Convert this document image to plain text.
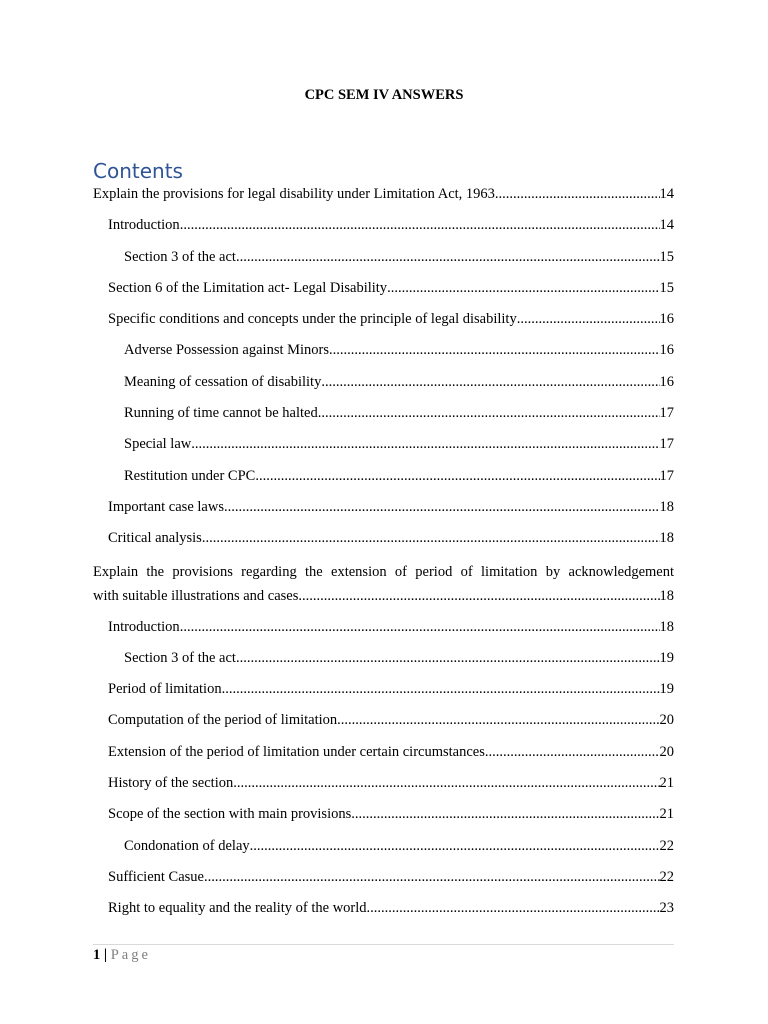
CPC SEM IV ANSWERS
Contents
Explain the provisions for legal disability under Limitation Act, 1963 .....	14
Introduction .....	14
Section 3 of the act .....	15
Section 6 of the Limitation act- Legal Disability .....	15
Specific conditions and concepts under the principle of legal disability .....	16
Adverse Possession against Minors .....	16
Meaning of cessation of disability .....	16
Running of time cannot be halted .....	17
Special law .....	17
Restitution under CPC .....	17
Important case laws .....	18
Critical analysis .....	18
Explain the provisions regarding the extension of period of limitation by acknowledgement
with suitable illustrations and cases .....	18
Introduction .....	18
Section 3 of the act .....	19
Period of limitation .....	19
Computation of the period of limitation .....	20
Extension of the period of limitation under certain circumstances .....	20
History of the section .....	21
Scope of the section with main provisions .....	21
Condonation of delay .....	22
Sufficient Casue .....	22
Right to equality and the reality of the world .....	23
1 | Page
